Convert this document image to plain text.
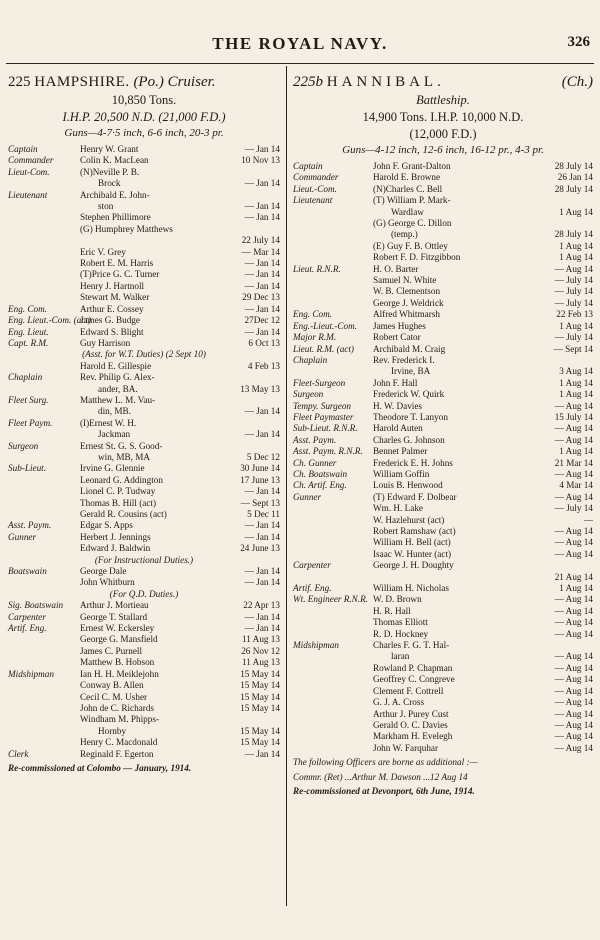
THE ROYAL NAVY.	326
225 HAMPSHIRE. (Po.) Cruiser.
10,850 Tons.
I.H.P. 20,500 N.D. (21,000 F.D.)
Guns—4-7·5 inch, 6-6 inch, 20-3 pr.
Captain	Henry W. Grant	— Jan 14
Commander	Colin K. MacLean	10 Nov 13
Lieut-Com.	(N)Neville P. B.
Brock	— Jan 14
Lieutenant	Archibald E. John-
ston	— Jan 14
Stephen Phillimore	— Jan 14
(G) Humphrey Matthews
22 July 14
Eric V. Grey	— Mar 14
Robert E. M. Harris	— Jan 14
(T)Price G. C. Turner	— Jan 14
Henry J. Hartnoll	— Jan 14
Stewart M. Walker	29 Dec 13
Eng. Com.	Arthur E. Cossey	— Jan 14
Eng. Lieut.-Com. (act)
James G. Budge	27Dec 12
Eng. Lieut.	Edward S. Blight	— Jan 14
Capt. R.M.	Guy Harrison	6 Oct 13
(Asst. for W.T. Duties) (2 Sept 10)
Harold E. Gillespie	4 Feb 13
Chaplain	Rev. Philip G. Alex-
ander, BA.	13 May 13
Fleet Surg.	Matthew L. M. Vau-
din, MB.	— Jan 14
Fleet Paym.	(I)Ernest W. H.
Jackman	— Jan 14
Surgeon	Ernest St. G. S. Good-
win, MB, MA	5 Dec 12
Sub-Lieut.	Irvine G. Glennie	30 June 14
Leonard G. Addington	17 June 13
Lionel C. P. Tudway	— Jan 14
Thomas B. Hill (act)	— Sept 13
Gerald R. Cousins (act)	5 Dec 11
Asst. Paym.	Edgar S. Apps	— Jan 14
Gunner	Herbert J. Jennings	— Jan 14
Edward J. Baldwin	24 June 13
(For Instructional Duties.)
Boatswain	George Dale	— Jan 14
John Whitburn	— Jan 14
(For Q.D. Duties.)
Sig. Boatswain	Arthur J. Mortieau	22 Apr 13
Carpenter	George T. Stallard	— Jan 14
Artif. Eng.	Ernest W. Eckersley	— Jan 14
George G. Mansfield	11 Aug 13
James C. Purnell	26 Nov 12
Matthew B. Hobson	11 Aug 13
Midshipman	Ian H. H. Meiklejohn	15 May 14
Conway B. Allen	15 May 14
Cecil C. M. Usher	15 May 14
John de C. Richards	15 May 14
Windham M. Phipps-
Hornby	15 May 14
Henry C. Macdonald	15 May 14
Clerk	Reginald F. Egerton	— Jan 14
Re-commissioned at Colombo — January, 1914.
225b HANNIBAL.	(Ch.)
Battleship.
14,900 Tons. I.H.P. 10,000 N.D.
(12,000 F.D.)
Guns—4-12 inch, 12-6 inch, 16-12 pr., 4-3 pr.
Captain	John F. Grant-Dalton	28 July 14
Commander	Harold E. Browne	26 Jan 14
Lieut.-Com.	(N)Charles C. Bell	28 July 14
Lieutenant	(T) William P. Mark-
Wardlaw	1 Aug 14
(G) George C. Dillon
(temp.)	28 July 14
(E) Guy F. B. Ottley	1 Aug 14
Robert F. D. Fitzgibbon	1 Aug 14
Lieut. R.N.R.	H. O. Barter	— Aug 14
Samuel N. White	— July 14
W. B. Clementson	— July 14
George J. Weldrick	— July 14
Eng. Com.	Alfred Whitmarsh	22 Feb 13
Eng.-Lieut.-Com.	James Hughes	1 Aug 14
Major R.M.	Robert Cator	— July 14
Lieut. R.M. (act)	Archibald M. Craig	— Sept 14
Chaplain	Rev. Frederick I.
Irvine, BA	3 Aug 14
Fleet-Surgeon	John F. Hall	1 Aug 14
Surgeon	Frederick W. Quirk	1 Aug 14
Tempy. Surgeon	H. W. Davies	— Aug 14
Fleet Paymaster	Theodore T. Lanyon	15 July 14
Sub-Lieut. R.N.R.	Harold Auten	— Aug 14
Asst. Paym.	Charles G. Johnson	— Aug 14
Asst. Paym. R.N.R.	Bennet Palmer	1 Aug 14
Ch. Gunner	Frederick E. H. Johns	21 Mar 14
Ch. Boatswain	William Goffin	— Aug 14
Ch. Artif. Eng.	Louis B. Henwood	4 Mar 14
Gunner	(T) Edward F. Dolbear	— Aug 14
Wm. H. Lake	— July 14
W. Hazlehurst (act)	—
Robert Ramshaw (act)	— Aug 14
William H. Bell (act)	— Aug 14
Isaac W. Hunter (act)	— Aug 14
Carpenter	George J. H. Doughty
21 Aug 14
Artif. Eng.	William H. Nicholas	1 Aug 14
Wt. Engineer R.N.R. W. D. Brown	— Aug 14
H. R. Hall	— Aug 14
Thomas Elliott	— Aug 14
R. D. Hockney	— Aug 14
Midshipman	Charles F. G. T. Hal-
laran	— Aug 14
Rowland P. Chapman	— Aug 14
Geoffrey C. Congreve	— Aug 14
Clement F. Cottrell	— Aug 14
G. J. A. Cross	— Aug 14
Arthur J. Purey Cust	— Aug 14
Gerald O. C. Davies	— Aug 14
Markham H. Evelegh	— Aug 14
John W. Farquhar	— Aug 14
The following Officers are borne as additional :—
Commr. (Ret) ...Arthur M. Dawson ...12 Aug 14
Re-commissioned at Devonport, 6th June, 1914.
